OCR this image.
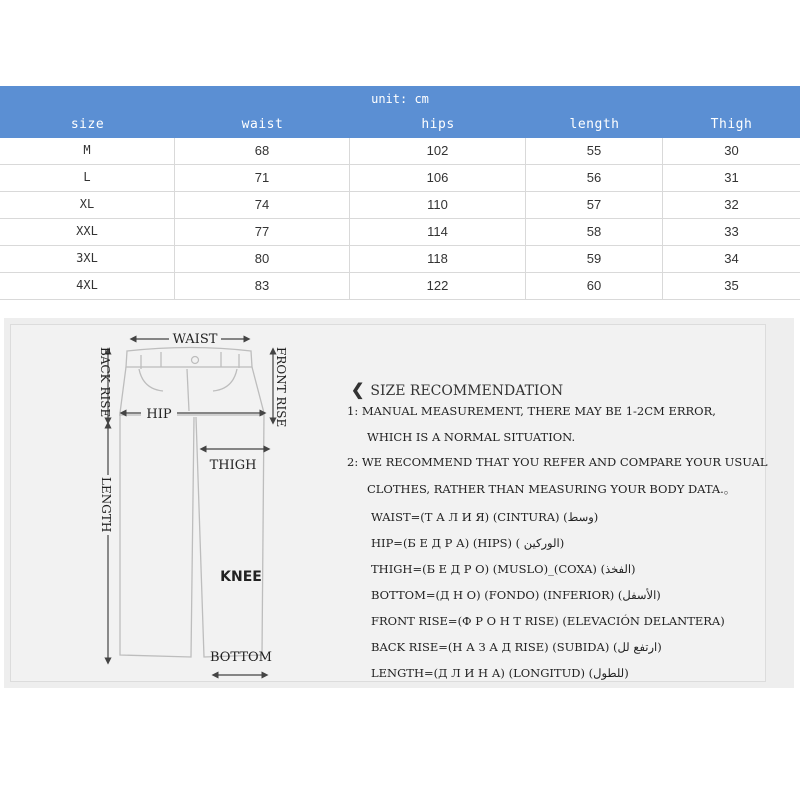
unit: cm
size	waist	hips	length	Thigh
M	68	102	55	30
L	71	106	56	31
XL	74	110	57	32
XXL	77	114	58	33
3XL	80	118	59	34
4XL	83	122	60	35
WAIST
BACK RISE	FRONT RISE
HIP
THIGH
LENGTH
KNEE
BOTTOM
❮ SIZE RECOMMENDATION
1: MANUAL MEASUREMENT, THERE MAY BE 1-2CM ERROR,
WHICH IS A NORMAL SITUATION.
2: WE RECOMMEND THAT YOU REFER AND COMPARE YOUR USUAL
CLOTHES, RATHER THAN MEASURING YOUR BODY DATA.。
WAIST=(Т А Л И Я) (CINTURA) (وسط)
HIP=(Б Е Д Р А) (HIPS) ( الوركين)
THIGH=(Б Е Д Р О) (MUSLO)_(COXA) (الفخذ)
BOTTOM=(Д Н О) (FONDO) (INFERIOR) (الأسفل)
FRONT RISE=(Ф Р О Н Т RISE) (ELEVACIÓN DELANTERA)
BACK RISE=(Н А З А Д RISE) (SUBIDA) (ارتفع لل)
LENGTH=(Д Л И Н А) (LONGITUD) (للطول)
